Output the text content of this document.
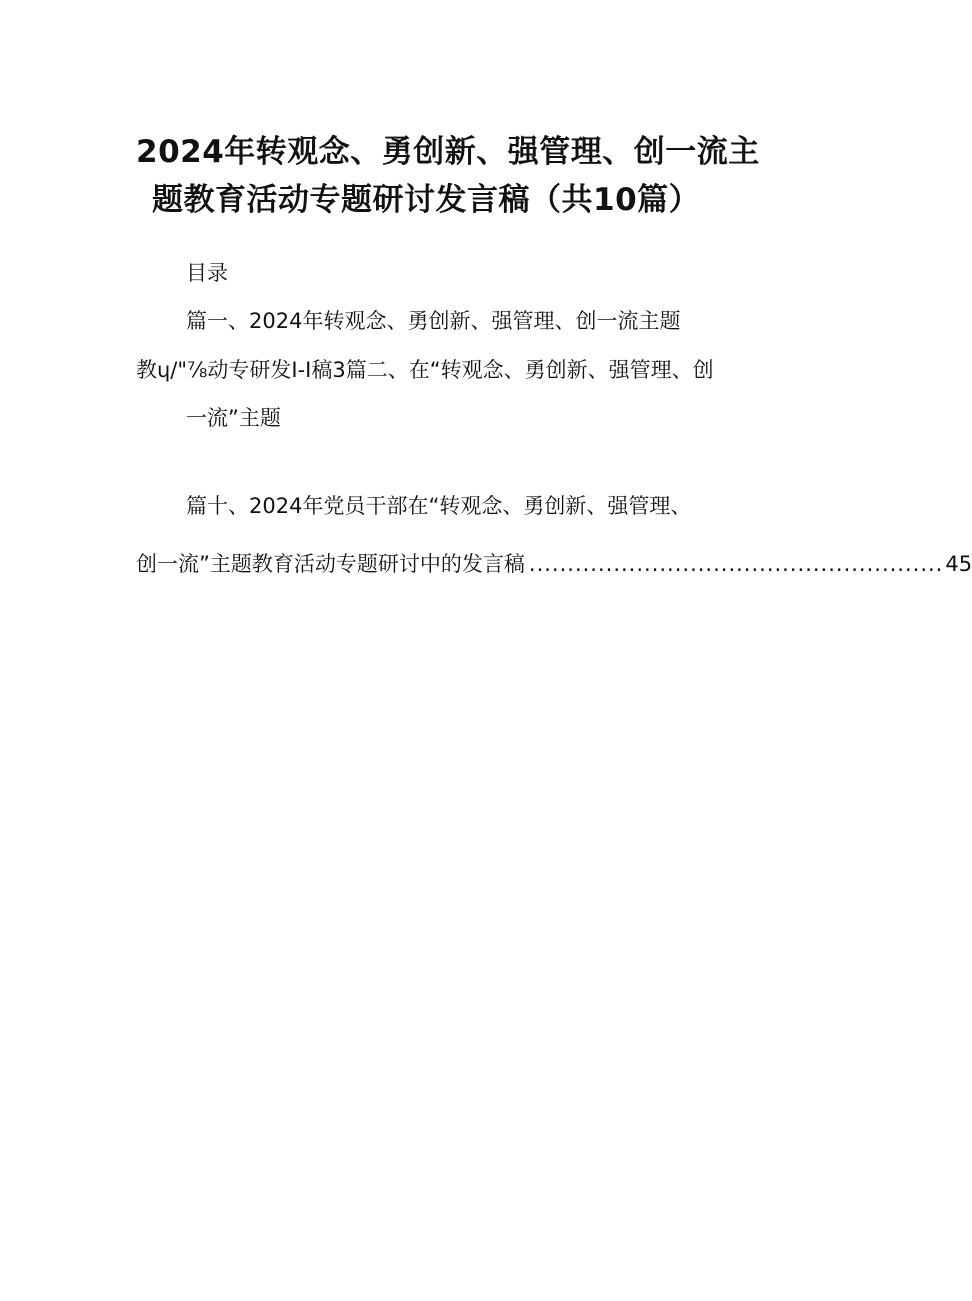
2024年转观念、勇创新、强管理、创一流主
题教育活动专题研讨发言稿（共10篇）
目录
篇一、2024年转观念、勇创新、强管理、创一流主题
教ɥ/"⅞动专研发I-I稿3篇二、在“转观念、勇创新、强管理、创
一流”主题
篇十、2024年党员干部在“转观念、勇创新、强管理、
创一流”主题教育活动专题研讨中的发言稿 ...................................................... 45
